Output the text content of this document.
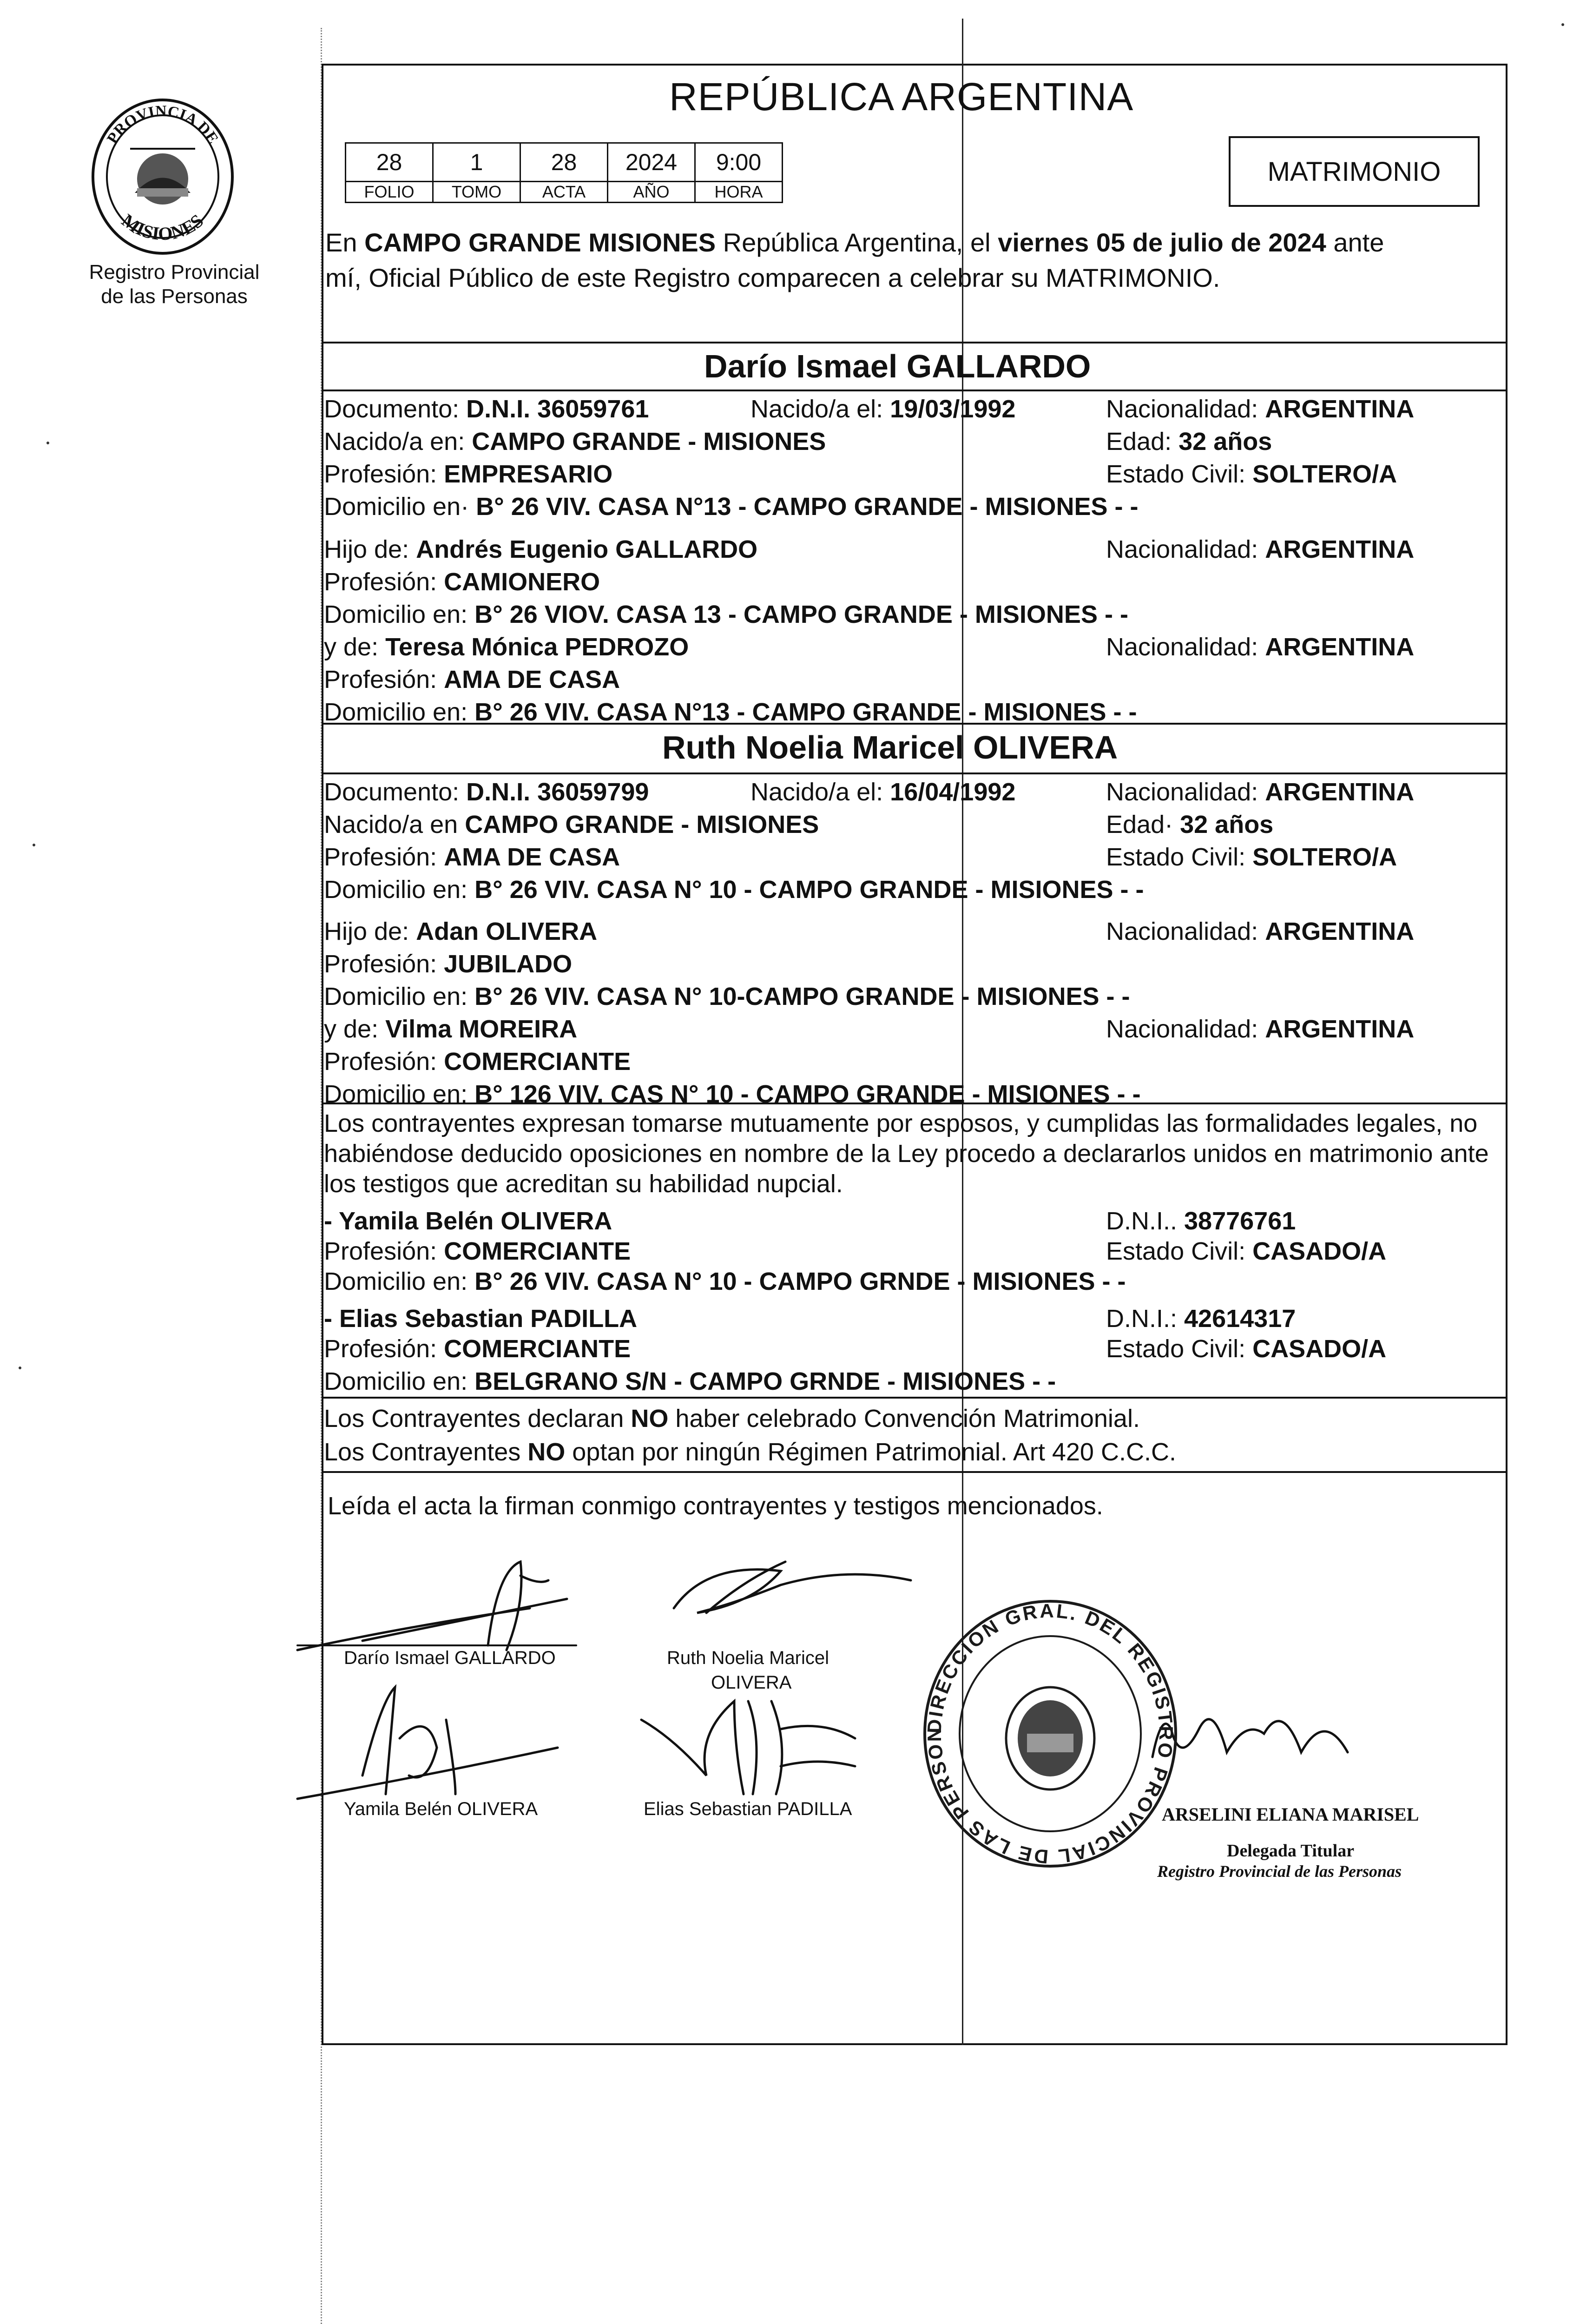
PROVINCIA DE
MISIONES
Registro Provincial
de las Personas
REPÚBLICA ARGENTINA
28	1	28	2024	9:00
FOLIO	TOMO	ACTA	AÑO	HORA
MATRIMONIO
En CAMPO GRANDE MISIONES República Argentina, el viernes 05 de julio de 2024 ante
mí, Oficial Público de este Registro comparecen a celebrar su MATRIMONIO.
Darío Ismael GALLARDO
Documento: D.N.I. 36059761	Nacido/a el: 19/03/1992	Nacionalidad: ARGENTINA
Nacido/a en: CAMPO GRANDE - MISIONES	Edad: 32 años
Profesión: EMPRESARIO	Estado Civil: SOLTERO/A
Domicilio en· B° 26 VIV. CASA N°13 - CAMPO GRANDE - MISIONES - -
Hijo de: Andrés Eugenio GALLARDO	Nacionalidad: ARGENTINA
Profesión: CAMIONERO
Domicilio en: B° 26 VIOV. CASA 13 - CAMPO GRANDE - MISIONES - -
y de: Teresa Mónica PEDROZO	Nacionalidad: ARGENTINA
Profesión: AMA DE CASA
Domicilio en: B° 26 VIV. CASA N°13 - CAMPO GRANDE - MISIONES - -
Ruth Noelia Maricel OLIVERA
Documento: D.N.I. 36059799	Nacido/a el: 16/04/1992	Nacionalidad: ARGENTINA
Nacido/a en CAMPO GRANDE - MISIONES	Edad· 32 años
Profesión: AMA DE CASA	Estado Civil: SOLTERO/A
Domicilio en: B° 26 VIV. CASA N° 10 - CAMPO GRANDE - MISIONES - -
Hijo de: Adan OLIVERA	Nacionalidad: ARGENTINA
Profesión: JUBILADO
Domicilio en: B° 26 VIV. CASA N° 10-CAMPO GRANDE - MISIONES - -
y de: Vilma MOREIRA	Nacionalidad: ARGENTINA
Profesión: COMERCIANTE
Domicilio en: B° 126 VIV. CAS N° 10 - CAMPO GRANDE - MISIONES - -
Los contrayentes expresan tomarse mutuamente por esposos, y cumplidas las formalidades legales, no
habiéndose deducido oposiciones en nombre de la Ley procedo a declararlos unidos en matrimonio ante
los testigos que acreditan su habilidad nupcial.
- Yamila Belén OLIVERA	D.N.I.. 38776761
Profesión: COMERCIANTE	Estado Civil: CASADO/A
Domicilio en: B° 26 VIV. CASA N° 10 - CAMPO GRNDE - MISIONES - -
- Elias Sebastian PADILLA	D.N.I.: 42614317
Profesión: COMERCIANTE	Estado Civil: CASADO/A
Domicilio en: BELGRANO S/N - CAMPO GRNDE - MISIONES - -
Los Contrayentes declaran NO haber celebrado Convención Matrimonial.
Los Contrayentes NO optan por ningún Régimen Patrimonial. Art 420 C.C.C.
Leída el acta la firman conmigo contrayentes y testigos mencionados.
Darío Ismael GALLARDO	Ruth Noelia Maricel
OLIVERA
Yamila Belén OLIVERA	Elias Sebastian PADILLA
DIRECCION GRAL. DEL REGISTRO PROVINCIAL DE LAS PERSON
ARSELINI ELIANA MARISEL
Delegada Titular
Registro Provincial de las Personas
